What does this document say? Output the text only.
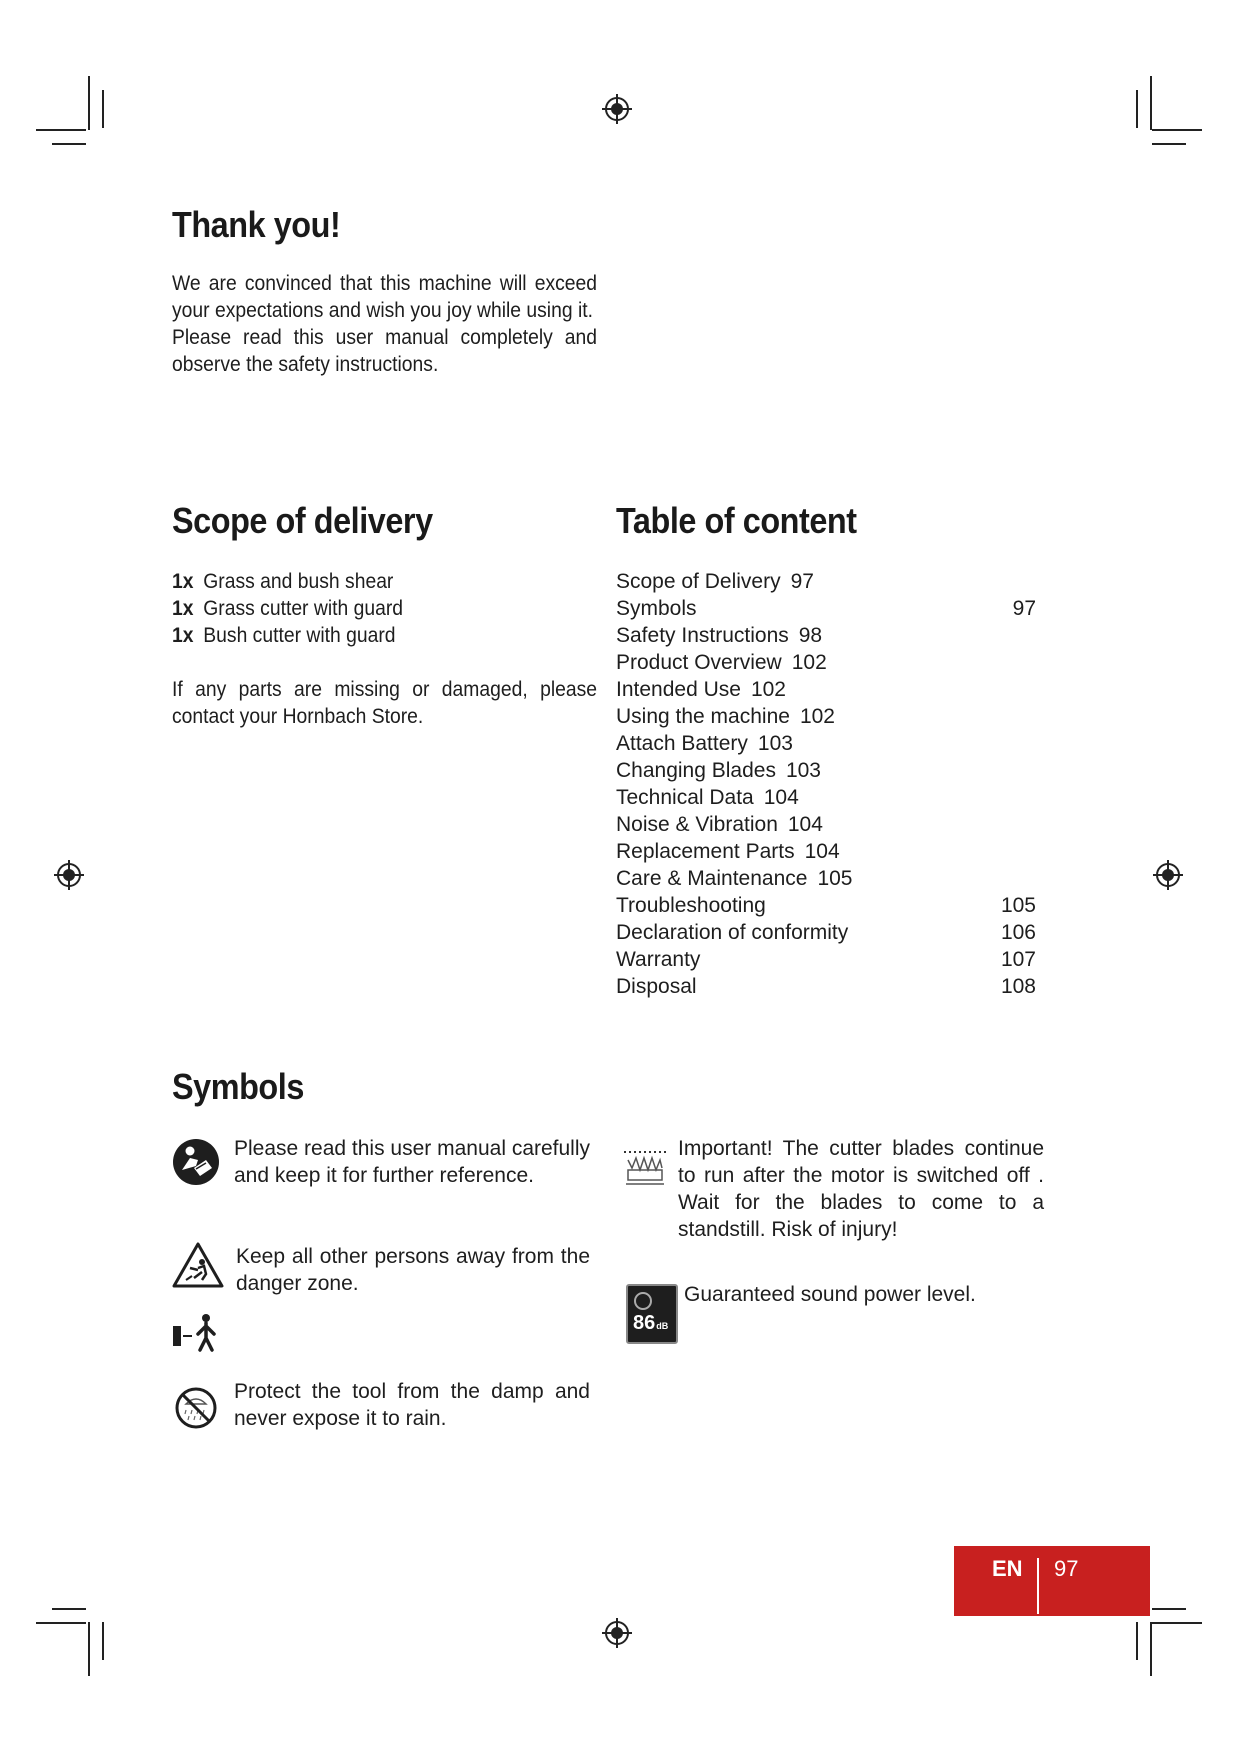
Thank you!

We are convinced that this machine will exceed your expectations and wish you joy while using it.

Please read this user manual completely and observe the safety instructions.

Scope of delivery
1x Grass and bush shear
1x Grass cutter with guard
1x Bush cutter with guard

If any parts are missing or damaged, please contact your Hornbach Store.

Table of content
Scope of Delivery 97
Symbols	97
Safety Instructions 98
Product Overview 102
Intended Use 102
Using the machine 102
Attach Battery 103
Changing Blades 103
Technical Data 104
Noise & Vibration 104
Replacement Parts 104
Care & Maintenance 105
Troubleshooting	105
Declaration of conformity	106
Warranty	107
Disposal	108
Symbols
Please read this user manual carefully and keep it for further reference.
Keep all other persons away from the danger zone.
Protect the tool from the damp and never expose it to rain.
Important! The cutter blades continue to run after the motor is switched off . Wait for the blades to come to a standstill. Risk of injury!
86dB
Guaranteed sound power level.
EN 97
